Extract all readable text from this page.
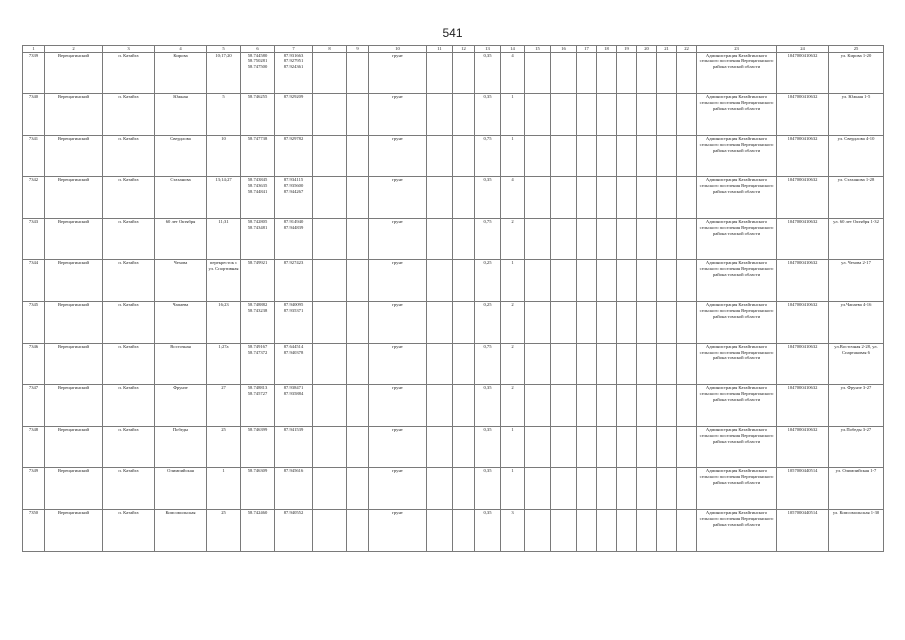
541
1	2	3	4	5	6	7	8	9	10	11	12	13	14	15	16	17	18	19	20	21	22	23	24	25
7339	Верещагинский	п. Катайга	Кирова	10;17;20	58.744580
58.750281
58.747500	87.931663
87.927951
87.924361			грунт			0,35	4									Администрация Катайгинского сельского поселения Верещагинского района томской области	1047000410632	ул. Кирова 1-20
7340	Верещагинский	п. Катайга	Южная	5	58.746255	87.929209			грунт			0,35	1									Администрация Катайгинского сельского поселения Верещагинского района томской области	1047000410632	ул. Южная 1-5
7341	Верещагинский	п. Катайга	Свердлова	10	58.747738	87.929782			грунт			0,75	1									Администрация Катайгинского сельского поселения Верещагинского района томской области	1047000410632	ул. Свердлова 4-10
7342	Верещагинский	п. Катайга	Стаханова	13;14;27	58.743845
58.743635
58.744841	87.934115
87.935600
87.944267			грунт			0,35	4									Администрация Катайгинского сельского поселения Верещагинского района томской области	1047000410632	ул. Стаханова 1-28
7343	Верещагинский	п. Катайга	60 лет Октября	11;31	58.742805
58.743481	87.914940
87.944839			грунт			0,75	2									Администрация Катайгинского сельского поселения Верещагинского района томской области	1047000410632	ул. 60 лет Октября 1-32
7344	Верещагинский	п. Катайга	Чехова	перекресток с ул. Спортивная	58.749921	87.927423			грунт			0,25	1									Администрация Катайгинского сельского поселения Верещагинского района томской области	1047000410632	ул. Чехова 2-17
7345	Верещагинский	п. Катайга	Чапаева	16;23	58.748882
58.743238	87.940095
87.935371			грунт			0,25	2									Администрация Катайгинского сельского поселения Верещагинского района томской области	1047000410632	ул.Чапаева 4-16
7346	Верещагинский	п. Катайга	Восточная	1;27а	58.749167
58.747372	87.644514
87.940378			грунт			0,75	2									Администрация Катайгинского сельского поселения Верещагинского района томской области	1047000410632	ул.Восточная 2-28, ул. Спартаковая 6
7347	Верещагинский	п. Катайга	Фрунзе	27	58.748813
58.745727	87.938471
87.935884			грунт			0,35	2									Администрация Катайгинского сельского поселения Верещагинского района томской области	1047000410632	ул. Фрунзе 3-27
7348	Верещагинский	п. Катайга	Победы	25	58.746399	87.941539			грунт			0,35	1									Администрация Катайгинского сельского поселения Верещагинского района томской области	1047000410632	ул.Победы 3-27
7349	Верещагинский	п. Катайга	Олимпийская	1	58.746309	87.945616			грунт			0,35	1									Администрация Катайгинского сельского поселения Верещагинского района томской области	1057000440514	ул. Олимпийская 1-7
7350	Верещагинский	п. Катайга	Комсомольская	25	58.742460	87.940552			грунт			0,35	3									Администрация Катайгинского сельского поселения Верещагинского района томской области	1057000440514	ул. Комсомольская 1-30
